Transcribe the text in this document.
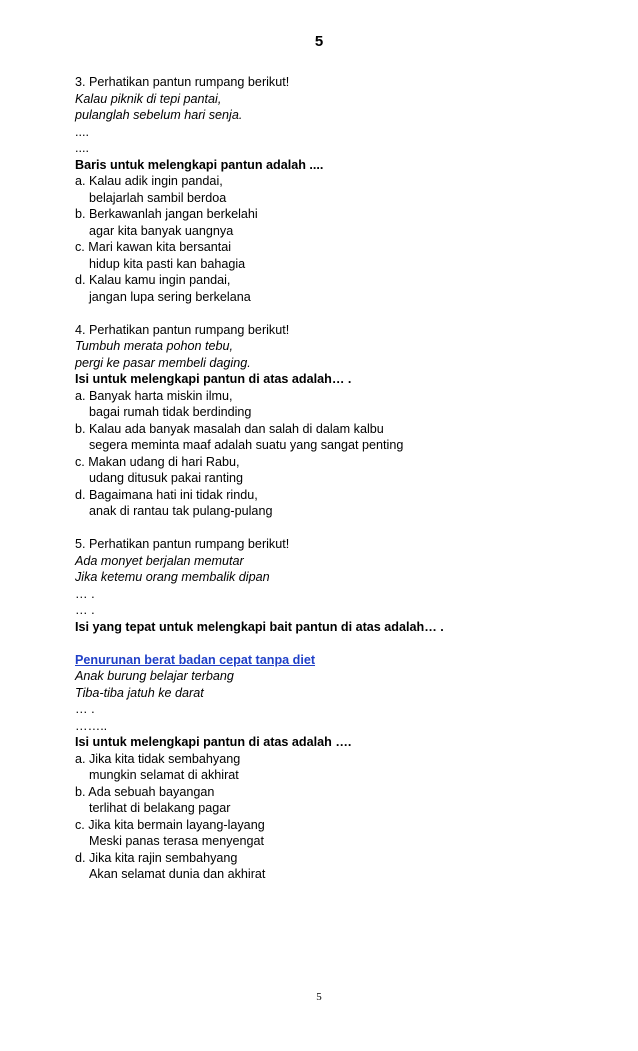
5
3. Perhatikan pantun rumpang berikut!
Kalau piknik di tepi pantai,
pulanglah sebelum hari senja.
....
....
Baris untuk melengkapi pantun adalah ....
a. Kalau adik ingin pandai,
belajarlah sambil berdoa
b. Berkawanlah jangan berkelahi
agar kita banyak uangnya
c. Mari kawan kita bersantai
hidup kita pasti kan bahagia
d. Kalau kamu ingin pandai,
jangan lupa sering berkelana
4. Perhatikan pantun rumpang berikut!
Tumbuh merata pohon tebu,
pergi ke pasar membeli daging.
Isi untuk melengkapi pantun di atas adalah… .
a. Banyak harta miskin ilmu,
bagai rumah tidak berdinding
b. Kalau ada banyak masalah dan salah di dalam kalbu
segera meminta maaf adalah suatu yang sangat penting
c. Makan udang di hari Rabu,
udang ditusuk pakai ranting
d. Bagaimana hati ini tidak rindu,
anak di rantau tak pulang-pulang
5. Perhatikan pantun rumpang berikut!
Ada monyet berjalan memutar
Jika ketemu orang membalik dipan
… .
… .
Isi yang tepat untuk melengkapi bait pantun di atas adalah… .
Penurunan berat badan cepat tanpa diet
Anak burung belajar terbang
Tiba-tiba jatuh ke darat
… .
……..
Isi untuk melengkapi pantun di atas adalah ….
a. Jika kita tidak sembahyang
mungkin selamat di akhirat
b. Ada sebuah bayangan
terlihat di belakang pagar
c. Jika kita bermain layang-layang
Meski panas terasa menyengat
d. Jika kita rajin sembahyang
Akan selamat dunia dan akhirat
5
